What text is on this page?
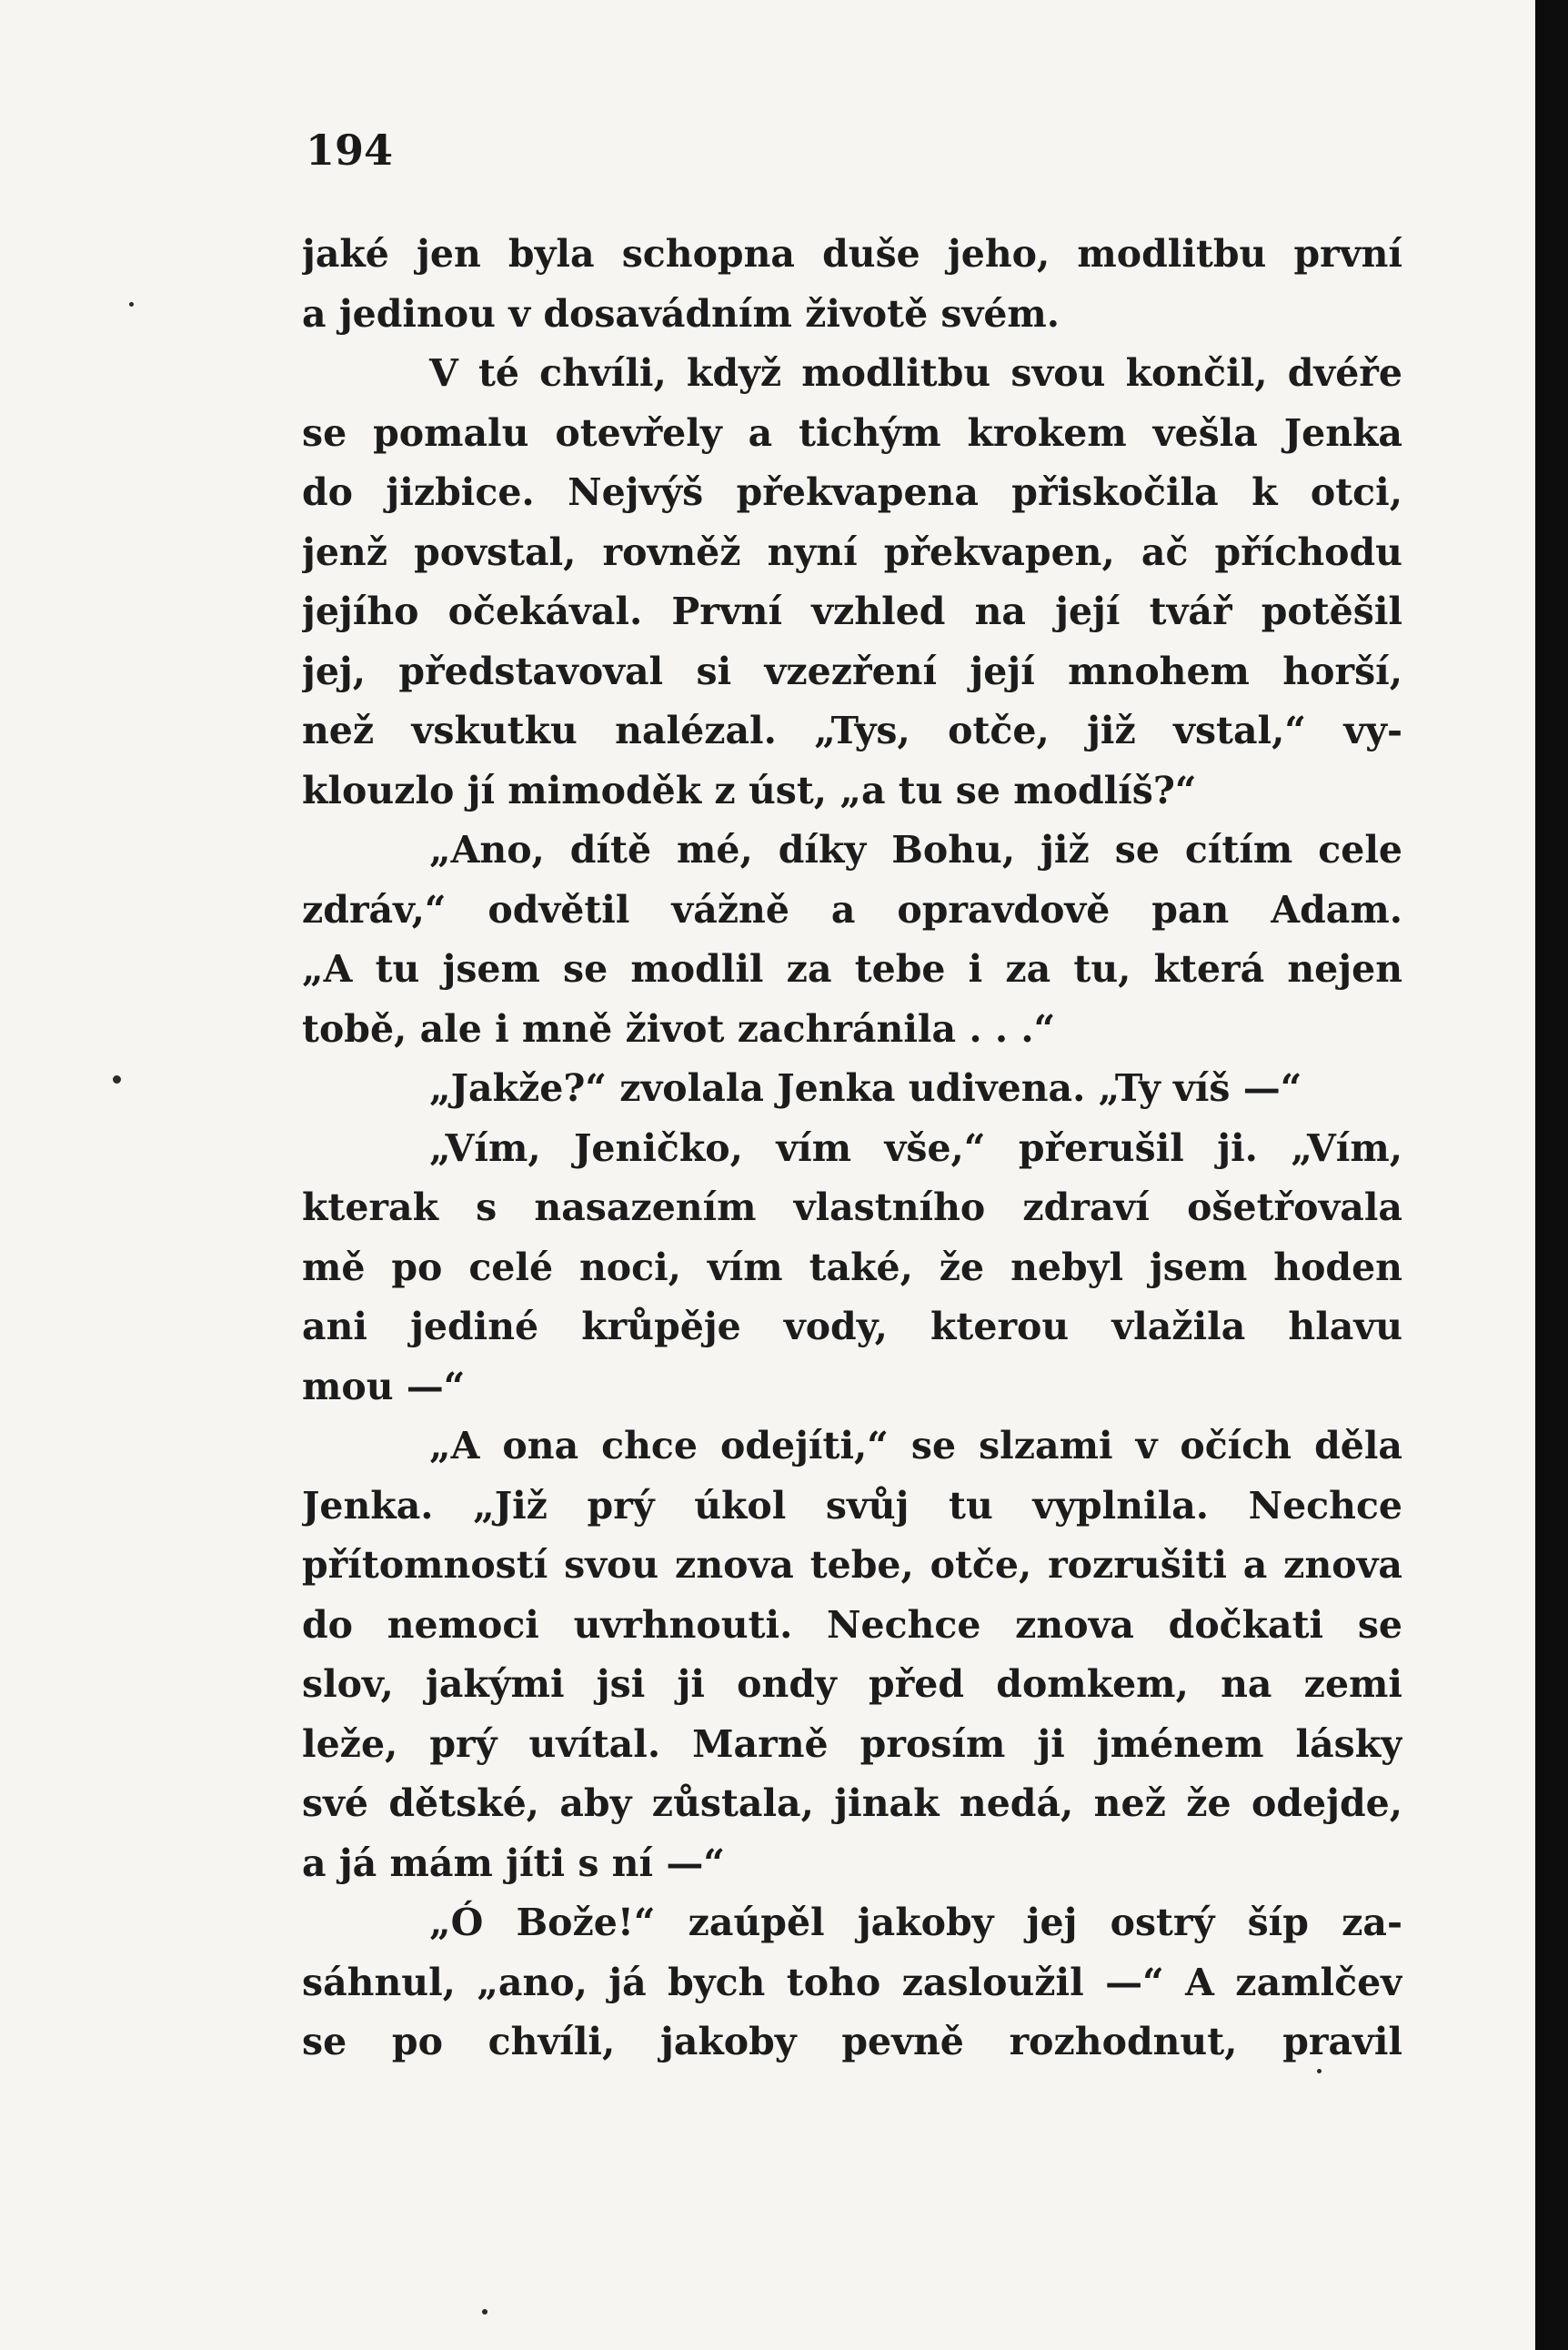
194
jaké jen byla schopna duše jeho, modlitbu první
a jedinou v dosavádním životě svém.
V té chvíli, když modlitbu svou končil, dvéře
se pomalu otevřely a tichým krokem vešla Jenka
do jizbice. Nejvýš překvapena přiskočila k otci,
jenž povstal, rovněž nyní překvapen, ač příchodu
jejího očekával. První vzhled na její tvář potěšil
jej, představoval si vzezření její mnohem horší,
než vskutku nalézal. „Tys, otče, již vstal,“ vy-
klouzlo jí mimoděk z úst, „a tu se modlíš?“
„Ano, dítě mé, díky Bohu, již se cítím cele
zdráv,“ odvětil vážně a opravdově pan Adam.
„A tu jsem se modlil za tebe i za tu, která nejen
tobě, ale i mně život zachránila . . .“
„Jakže?“ zvolala Jenka udivena. „Ty víš —“
„Vím, Jeničko, vím vše,“ přerušil ji. „Vím,
kterak s nasazením vlastního zdraví ošetřovala
mě po celé noci, vím také, že nebyl jsem hoden
ani jediné krůpěje vody, kterou vlažila hlavu
mou —“
„A ona chce odejíti,“ se slzami v očích děla
Jenka. „Již prý úkol svůj tu vyplnila. Nechce
přítomností svou znova tebe, otče, rozrušiti a znova
do nemoci uvrhnouti. Nechce znova dočkati se
slov, jakými jsi ji ondy před domkem, na zemi
leže, prý uvítal. Marně prosím ji jménem lásky
své dětské, aby zůstala, jinak nedá, než že odejde,
a já mám jíti s ní —“
„Ó Bože!“ zaúpěl jakoby jej ostrý šíp za-
sáhnul, „ano, já bych toho zasloužil —“ A zamlčev
se po chvíli, jakoby pevně rozhodnut, pravil
